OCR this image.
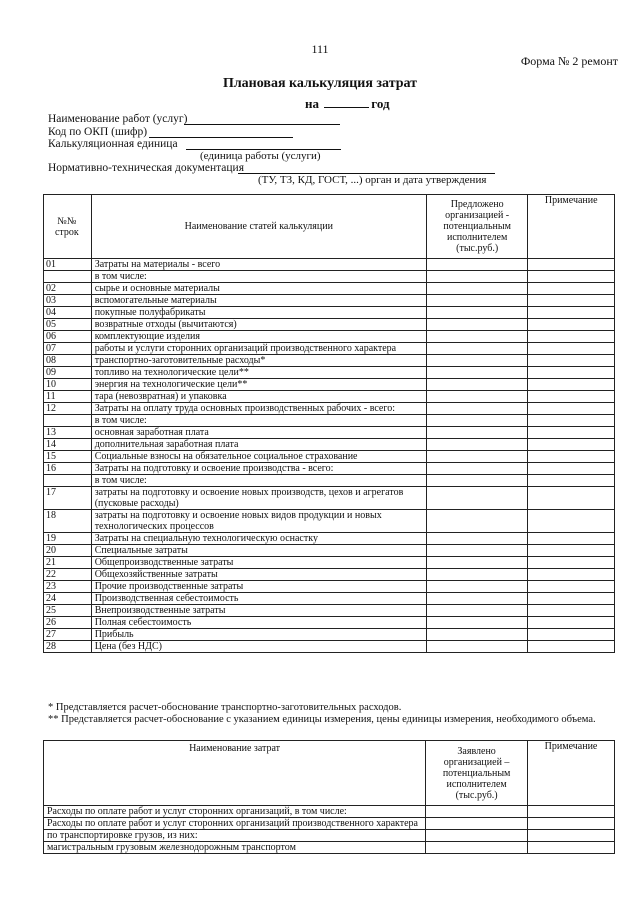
111
Форма № 2 ремонт
Плановая калькуляция затрат
на	год
Наименование работ (услуг)
Код по ОКП (шифр)
Калькуляционная единица
(единица работы (услуги)
Нормативно-техническая документация
(ТУ, ТЗ, КД, ГОСТ, ...) орган и дата утверждения
№№ строк	Наименование статей калькуляции	Предложено организацией - потенциальным исполнителем (тыс.руб.)	Примечание
01	Затраты на материалы - всего		
	в том числе:		
02	сырье и основные материалы		
03	вспомогательные материалы		
04	покупные полуфабрикаты		
05	возвратные отходы (вычитаются)		
06	комплектующие изделия		
07	работы и услуги сторонних организаций производственного характера		
08	транспортно-заготовительные расходы*		
09	топливо на технологические цели**		
10	энергия на технологические цели**		
11	тара (невозвратная) и упаковка		
12	Затраты на оплату труда основных производственных рабочих - всего:		
	в том числе:		
13	основная заработная плата		
14	дополнительная заработная плата		
15	Социальные взносы на обязательное социальное страхование		
16	Затраты на подготовку и освоение производства - всего:		
	в том числе:		
17	затраты на подготовку и освоение новых производств, цехов и агрегатов (пусковые расходы)		
18	затраты на подготовку и освоение новых видов продукции и новых технологических процессов		
19	Затраты на специальную технологическую оснастку		
20	Специальные затраты		
21	Общепроизводственные затраты		
22	Общехозяйственные затраты		
23	Прочие производственные затраты		
24	Производственная себестоимость		
25	Внепроизводственные затраты		
26	Полная себестоимость		
27	Прибыль		
28	Цена (без НДС)		
* Представляется расчет-обоснование транспортно-заготовительных расходов.
** Представляется расчет-обоснование с указанием единицы измерения, цены единицы измерения, необходимого объема.
Наименование затрат	Заявлено организацией – потенциальным исполнителем (тыс.руб.)	Примечание
Расходы по оплате работ и услуг сторонних организаций, в том числе:		
Расходы по оплате работ и услуг сторонних организаций производственного характера		
по транспортировке грузов, из них:		
магистральным грузовым железнодорожным транспортом		
